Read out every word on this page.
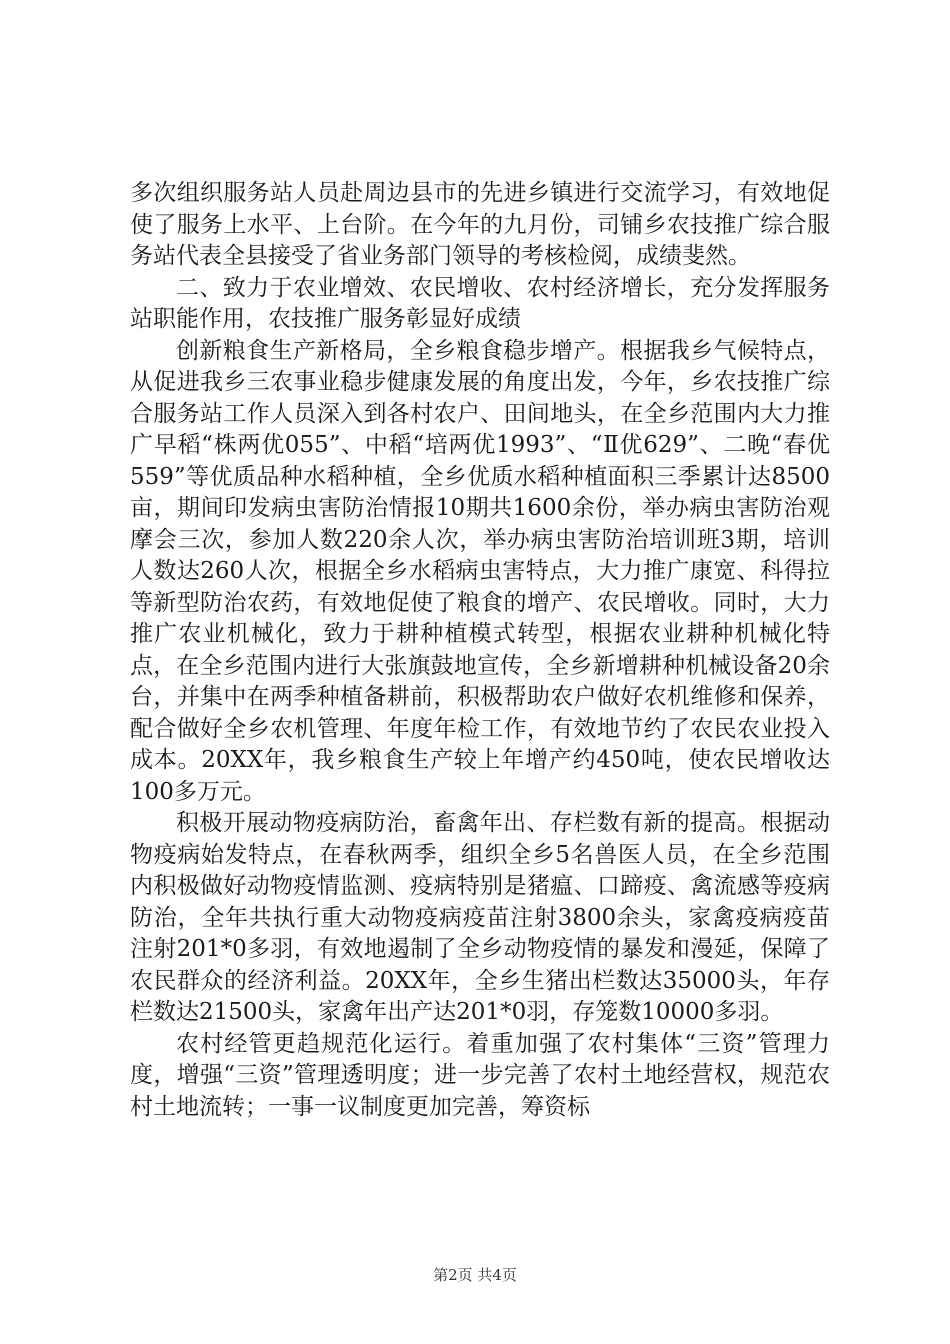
多次组织服务站人员赴周边县市的先进乡镇进行交流学习，有效地促使了服务上水平、上台阶。在今年的九月份，司铺乡农技推广综合服务站代表全县接受了省业务部门领导的考核检阅，成绩斐然。

二、致力于农业增效、农民增收、农村经济增长，充分发挥服务站职能作用，农技推广服务彰显好成绩

创新粮食生产新格局，全乡粮食稳步增产。根据我乡气候特点，从促进我乡三农事业稳步健康发展的角度出发，今年，乡农技推广综合服务站工作人员深入到各村农户、田间地头，在全乡范围内大力推广早稻“株两优055”、中稻“培两优1993”、“Ⅱ优629”、二晚“春优559”等优质品种水稻种植，全乡优质水稻种植面积三季累计达8500亩，期间印发病虫害防治情报10期共1600余份，举办病虫害防治观摩会三次，参加人数220余人次，举办病虫害防治培训班3期，培训人数达260人次，根据全乡水稻病虫害特点，大力推广康宽、科得拉等新型防治农药，有效地促使了粮食的增产、农民增收。同时，大力推广农业机械化，致力于耕种植模式转型，根据农业耕种机械化特点，在全乡范围内进行大张旗鼓地宣传，全乡新增耕种机械设备20余台，并集中在两季种植备耕前，积极帮助农户做好农机维修和保养，配合做好全乡农机管理、年度年检工作，有效地节约了农民农业投入成本。20XX年，我乡粮食生产较上年增产约450吨，使农民增收达100多万元。

积极开展动物疫病防治，畜禽年出、存栏数有新的提高。根据动物疫病始发特点，在春秋两季，组织全乡5名兽医人员，在全乡范围内积极做好动物疫情监测、疫病特别是猪瘟、口蹄疫、禽流感等疫病防治，全年共执行重大动物疫病疫苗注射3800余头，家禽疫病疫苗注射201*0多羽，有效地遏制了全乡动物疫情的暴发和漫延，保障了农民群众的经济利益。20XX年，全乡生猪出栏数达35000头，年存栏数达21500头，家禽年出产达201*0羽，存笼数10000多羽。

农村经管更趋规范化运行。着重加强了农村集体“三资”管理力度，增强“三资”管理透明度；进一步完善了农村土地经营权，规范农村土地流转；一事一议制度更加完善，筹资标

第2页 共4页
